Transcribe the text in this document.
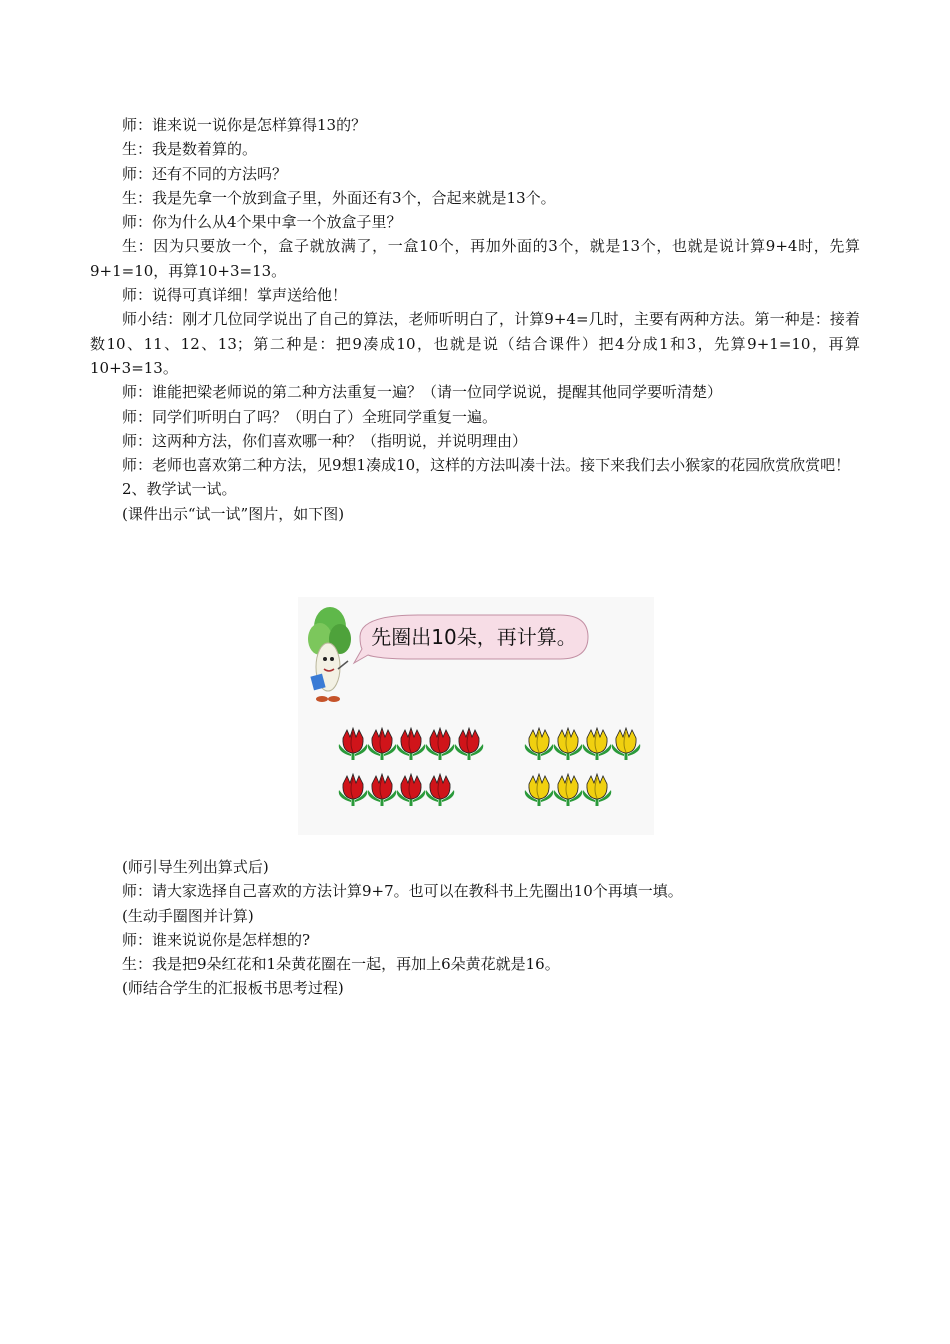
师：谁来说一说你是怎样算得13的？

生：我是数着算的。

师：还有不同的方法吗？

生：我是先拿一个放到盒子里，外面还有3个，合起来就是13个。

师：你为什么从4个果中拿一个放盒子里？

生：因为只要放一个，盒子就放满了，一盒10个，再加外面的3个，就是13个，也就是说计算9+4时，先算9+1=10，再算10+3=13。

师：说得可真详细！掌声送给他！

师小结：刚才几位同学说出了自己的算法，老师听明白了，计算9+4=几时，主要有两种方法。第一种是：接着数10、11、12、13；第二种是：把9凑成10，也就是说（结合课件）把4分成1和3，先算9+1=10，再算10+3=13。

师：谁能把梁老师说的第二种方法重复一遍？（请一位同学说说，提醒其他同学要听清楚）

师：同学们听明白了吗？（明白了）全班同学重复一遍。

师：这两种方法，你们喜欢哪一种？（指明说，并说明理由）

师：老师也喜欢第二种方法，见9想1凑成10，这样的方法叫凑十法。接下来我们去小猴家的花园欣赏欣赏吧！

2、教学试一试。

(课件出示“试一试”图片，如下图)

先圈出10朵，再计算。

(师引导生列出算式后)

师：请大家选择自己喜欢的方法计算9+7。也可以在教科书上先圈出10个再填一填。

(生动手圈图并计算)

师：谁来说说你是怎样想的?

生：我是把9朵红花和1朵黄花圈在一起，再加上6朵黄花就是16。

(师结合学生的汇报板书思考过程)
